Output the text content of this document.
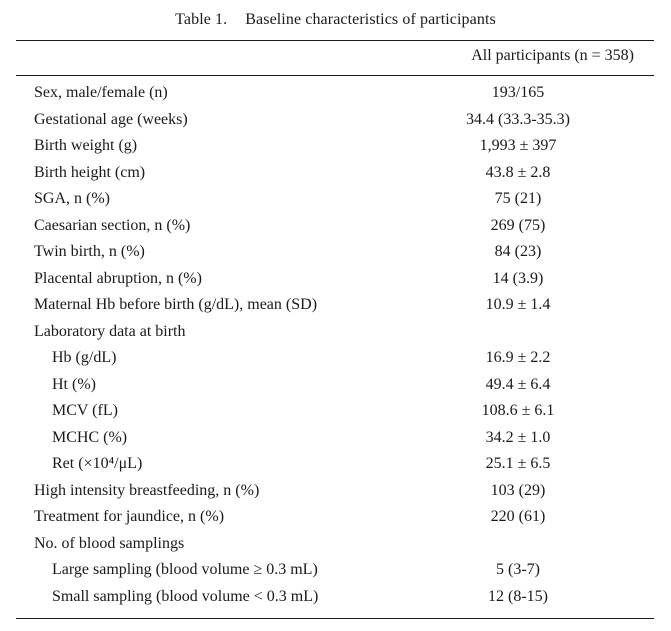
Table 1. Baseline characteristics of participants
All participants (n = 358)
Sex, male/female (n)	193/165
Gestational age (weeks)	34.4 (33.3-35.3)
Birth weight (g)	1,993 ± 397
Birth height (cm)	43.8 ± 2.8
SGA, n (%)	75 (21)
Caesarian section, n (%)	269 (75)
Twin birth, n (%)	84 (23)
Placental abruption, n (%)	14 (3.9)
Maternal Hb before birth (g/dL), mean (SD)	10.9 ± 1.4
Laboratory data at birth
Hb (g/dL)	16.9 ± 2.2
Ht (%)	49.4 ± 6.4
MCV (fL)	108.6 ± 6.1
MCHC (%)	34.2 ± 1.0
Ret (×10⁴/μL)	25.1 ± 6.5
High intensity breastfeeding, n (%)	103 (29)
Treatment for jaundice, n (%)	220 (61)
No. of blood samplings
Large sampling (blood volume ≥ 0.3 mL)	5 (3-7)
Small sampling (blood volume < 0.3 mL)	12 (8-15)
